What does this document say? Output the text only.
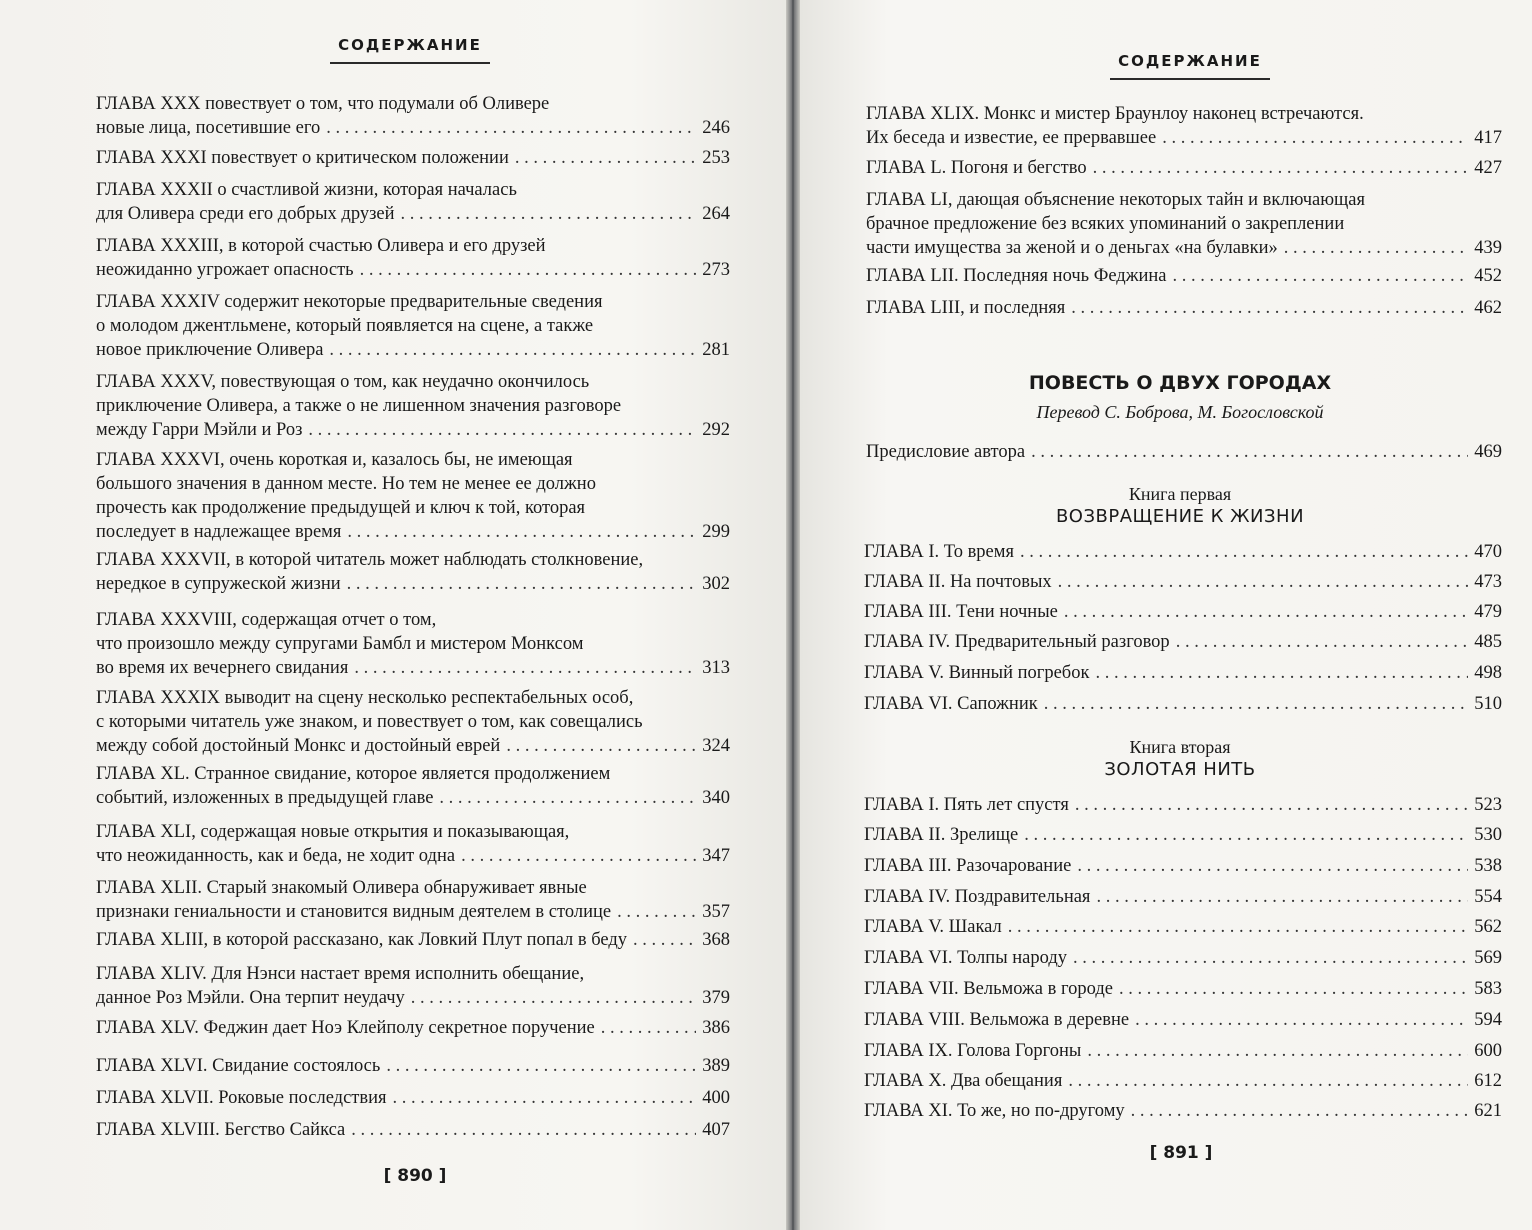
СОДЕРЖАНИЕ
ГЛАВА XXX повествует о том, что подумали об Оливере
новые лица, посетившие его . . .	246
ГЛАВА XXXI повествует о критическом положении . . .	253
ГЛАВА XXXII о счастливой жизни, которая началась
для Оливера среди его добрых друзей . . .	264
ГЛАВА XXXIII, в которой счастью Оливера и его друзей
неожиданно угрожает опасность . . .	273
ГЛАВА XXXIV содержит некоторые предварительные сведения
о молодом джентльмене, который появляется на сцене, а также
новое приключение Оливера . . .	281
ГЛАВА XXXV, повествующая о том, как неудачно окончилось
приключение Оливера, а также о не лишенном значения разговоре
между Гарри Мэйли и Роз . . .	292
ГЛАВА XXXVI, очень короткая и, казалось бы, не имеющая
большого значения в данном месте. Но тем не менее ее должно
прочесть как продолжение предыдущей и ключ к той, которая
последует в надлежащее время . . .	299
ГЛАВА XXXVII, в которой читатель может наблюдать столкновение,
нередкое в супружеской жизни . . .	302
ГЛАВА XXXVIII, содержащая отчет о том,
что произошло между супругами Бамбл и мистером Монксом
во время их вечернего свидания . . .	313
ГЛАВА XXXIX выводит на сцену несколько респектабельных особ,
с которыми читатель уже знаком, и повествует о том, как совещались
между собой достойный Монкс и достойный еврей . . .	324
ГЛАВА XL. Странное свидание, которое является продолжением
событий, изложенных в предыдущей главе . . .	340
ГЛАВА XLI, содержащая новые открытия и показывающая,
что неожиданность, как и беда, не ходит одна . . .	347
ГЛАВА XLII. Старый знакомый Оливера обнаруживает явные
признаки гениальности и становится видным деятелем в столице . . .	357
ГЛАВА XLIII, в которой рассказано, как Ловкий Плут попал в беду . . .	368
ГЛАВА XLIV. Для Нэнси настает время исполнить обещание,
данное Роз Мэйли. Она терпит неудачу . . .	379
ГЛАВА XLV. Феджин дает Ноэ Клейполу секретное поручение . . .	386
ГЛАВА XLVI. Свидание состоялось . . .	389
ГЛАВА XLVII. Роковые последствия . . .	400
ГЛАВА XLVIII. Бегство Сайкса . . .	407
[ 890 ]
СОДЕРЖАНИЕ
ГЛАВА XLIX. Монкс и мистер Браунлоу наконец встречаются.
Их беседа и известие, ее прервавшее . . .	417
ГЛАВА L. Погоня и бегство . . .	427
ГЛАВА LI, дающая объяснение некоторых тайн и включающая
брачное предложение без всяких упоминаний о закреплении
части имущества за женой и о деньгах «на булавки» . . .	439
ГЛАВА LII. Последняя ночь Феджина . . .	452
ГЛАВА LIII, и последняя . . .	462
ПОВЕСТЬ О ДВУХ ГОРОДАХ
Перевод С. Боброва, М. Богословской
Предисловие автора . . .	469
Книга первая
ВОЗВРАЩЕНИЕ К ЖИЗНИ
ГЛАВА I. То время . . .	470
ГЛАВА II. На почтовых . . .	473
ГЛАВА III. Тени ночные . . .	479
ГЛАВА IV. Предварительный разговор . . .	485
ГЛАВА V. Винный погребок . . .	498
ГЛАВА VI. Сапожник . . .	510
Книга вторая
ЗОЛОТАЯ НИТЬ
ГЛАВА I. Пять лет спустя . . .	523
ГЛАВА II. Зрелище . . .	530
ГЛАВА III. Разочарование . . .	538
ГЛАВА IV. Поздравительная . . .	554
ГЛАВА V. Шакал . . .	562
ГЛАВА VI. Толпы народу . . .	569
ГЛАВА VII. Вельможа в городе . . .	583
ГЛАВА VIII. Вельможа в деревне . . .	594
ГЛАВА IX. Голова Горгоны . . .	600
ГЛАВА X. Два обещания . . .	612
ГЛАВА XI. То же, но по-другому . . .	621
[ 891 ]
